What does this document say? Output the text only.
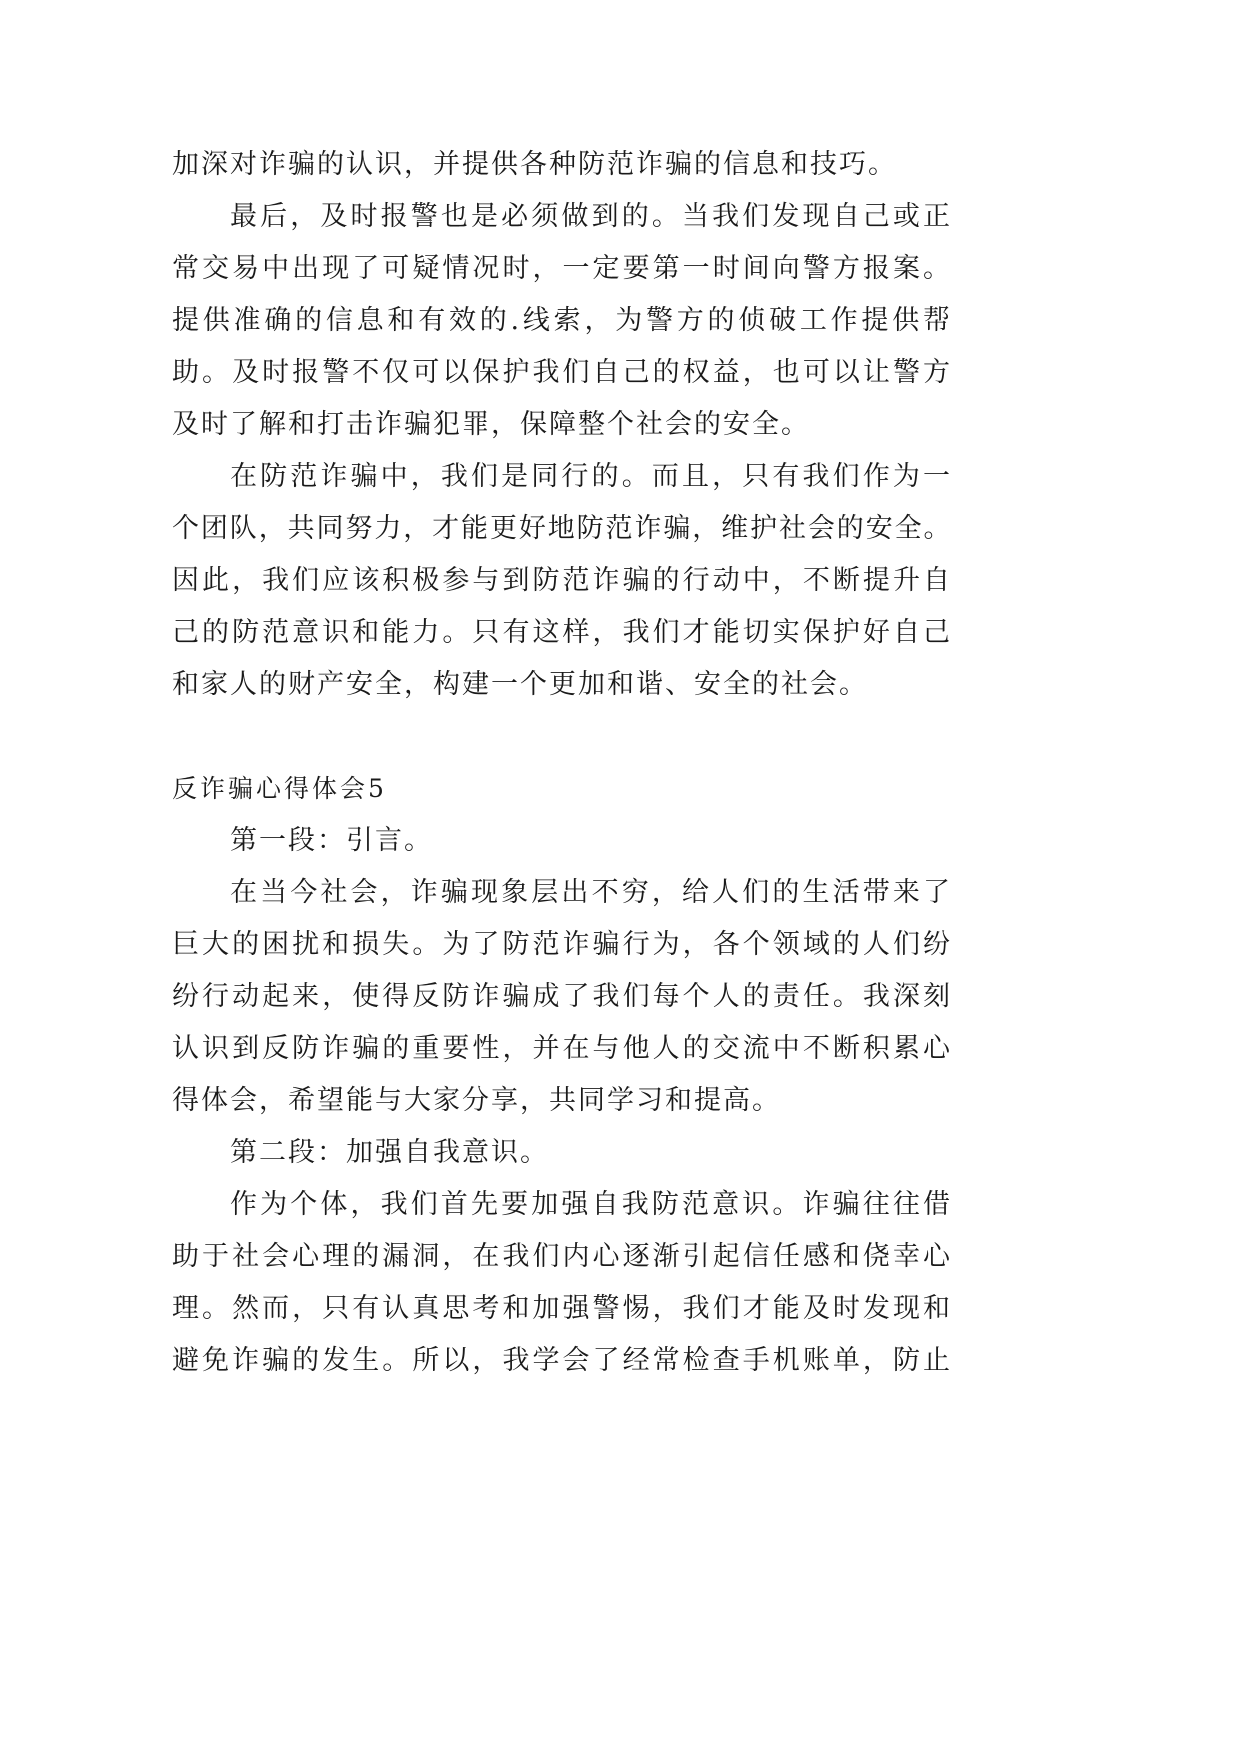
加深对诈骗的认识，并提供各种防范诈骗的信息和技巧。
最后，及时报警也是必须做到的。当我们发现自己或正
常交易中出现了可疑情况时，一定要第一时间向警方报案。
提供准确的信息和有效的.线索，为警方的侦破工作提供帮
助。及时报警不仅可以保护我们自己的权益，也可以让警方
及时了解和打击诈骗犯罪，保障整个社会的安全。
在防范诈骗中，我们是同行的。而且，只有我们作为一
个团队，共同努力，才能更好地防范诈骗，维护社会的安全。
因此，我们应该积极参与到防范诈骗的行动中，不断提升自
己的防范意识和能力。只有这样，我们才能切实保护好自己
和家人的财产安全，构建一个更加和谐、安全的社会。
反诈骗心得体会5
第一段：引言。
在当今社会，诈骗现象层出不穷，给人们的生活带来了
巨大的困扰和损失。为了防范诈骗行为，各个领域的人们纷
纷行动起来，使得反防诈骗成了我们每个人的责任。我深刻
认识到反防诈骗的重要性，并在与他人的交流中不断积累心
得体会，希望能与大家分享，共同学习和提高。
第二段：加强自我意识。
作为个体，我们首先要加强自我防范意识。诈骗往往借
助于社会心理的漏洞，在我们内心逐渐引起信任感和侥幸心
理。然而，只有认真思考和加强警惕，我们才能及时发现和
避免诈骗的发生。所以，我学会了经常检查手机账单，防止
